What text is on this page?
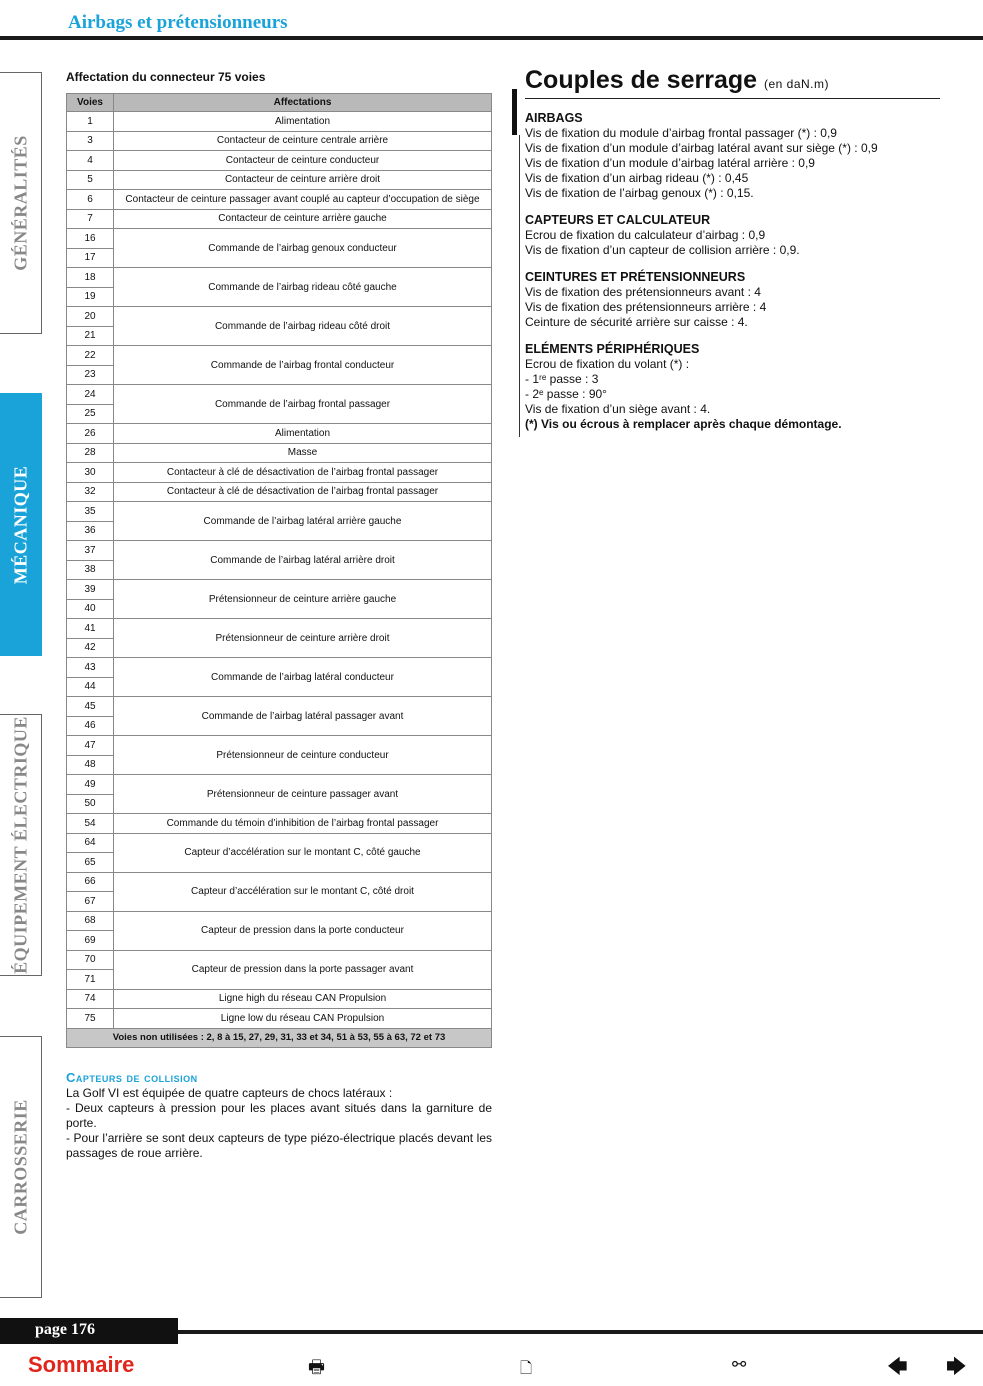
Airbags et prétensionneurs
GÉNÉRALITÉS
MÉCANIQUE
ÉQUIPEMENT ÉLECTRIQUE
CARROSSERIE
Affectation du connecteur 75 voies
Voies	Affectations
1	Alimentation
3	Contacteur de ceinture centrale arrière
4	Contacteur de ceinture conducteur
5	Contacteur de ceinture arrière droit
6	Contacteur de ceinture passager avant couplé au capteur d’occupation de siège
7	Contacteur de ceinture arrière gauche
16	Commande de l’airbag genoux conducteur
17	
18	Commande de l’airbag rideau côté gauche
19	
20	Commande de l’airbag rideau côté droit
21	
22	Commande de l’airbag frontal conducteur
23	
24	Commande de l’airbag frontal passager
25	
26	Alimentation
28	Masse
30	Contacteur à clé de désactivation de l’airbag frontal passager
32	Contacteur à clé de désactivation de l’airbag frontal passager
35	Commande de l’airbag latéral arrière gauche
36	
37	Commande de l’airbag latéral arrière droit
38	
39	Prétensionneur de ceinture arrière gauche
40	
41	Prétensionneur de ceinture arrière droit
42	
43	Commande de l’airbag latéral conducteur
44	
45	Commande de l’airbag latéral passager avant
46	
47	Prétensionneur de ceinture conducteur
48	
49	Prétensionneur de ceinture passager avant
50	
54	Commande du témoin d’inhibition de l’airbag frontal passager
64	Capteur d’accélération sur le montant C, côté gauche
65	
66	Capteur d’accélération sur le montant C, côté droit
67	
68	Capteur de pression dans la porte conducteur
69	
70	Capteur de pression dans la porte passager avant
71	
74	Ligne high du réseau CAN Propulsion
75	Ligne low du réseau CAN Propulsion
Voies non utilisées : 2, 8 à 15, 27, 29, 31, 33 et 34, 51 à 53, 55 à 63, 72 et 73	
Capteurs de collision

La Golf VI est équipée de quatre capteurs de chocs latéraux :

- Deux capteurs à pression pour les places avant situés dans la garniture de porte.

- Pour l’arrière se sont deux capteurs de type piézo-électrique placés devant les passages de roue arrière.

Couples de serrage (en daN.m)
AIRBAGS
Vis de fixation du module d’airbag frontal passager (*) : 0,9
Vis de fixation d’un module d’airbag latéral avant sur siège (*) : 0,9
Vis de fixation d’un module d’airbag latéral arrière : 0,9
Vis de fixation d’un airbag rideau (*) : 0,45
Vis de fixation de l’airbag genoux (*) : 0,15.
CAPTEURS ET CALCULATEUR
Ecrou de fixation du calculateur d’airbag : 0,9
Vis de fixation d’un capteur de collision arrière : 0,9.
CEINTURES ET PRÉTENSIONNEURS
Vis de fixation des prétensionneurs avant : 4
Vis de fixation des prétensionneurs arrière : 4
Ceinture de sécurité arrière sur caisse : 4.
ELÉMENTS PÉRIPHÉRIQUES
Ecrou de fixation du volant (*) :
- 1ʳᵉ passe : 3
- 2ᵉ passe : 90°
Vis de fixation d’un siège avant : 4.
(*) Vis ou écrous à remplacer après chaque démontage.
page 176
Sommaire	🖶	🗋	⚯	🡄 🡆
